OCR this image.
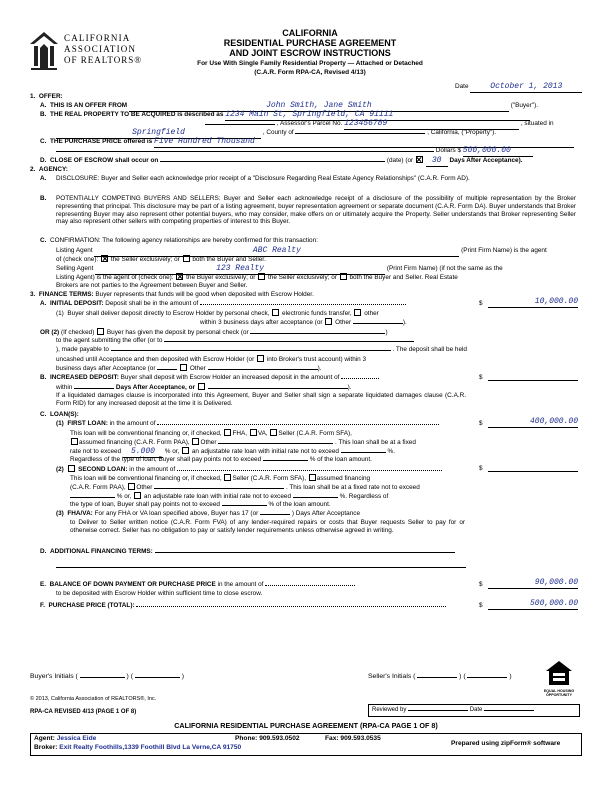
CALIFORNIA
ASSOCIATION
OF REALTORS®
CALIFORNIA
RESIDENTIAL PURCHASE AGREEMENT
AND JOINT ESCROW INSTRUCTIONS
For Use With Single Family Residential Property — Attached or Detached
(C.A.R. Form RPA-CA, Revised 4/13)
Date	October 1, 2013
1. OFFER:
A. THIS IS AN OFFER FROM	John Smith, Jane Smith	("Buyer").
B. THE REAL PROPERTY TO BE ACQUIRED is described as 1234 Main St, Springfield, CA 91111
, Assessor's Parcel No. 123456789	, situated in
Springfield	, County of	, California, ("Property").
C. THE PURCHASE PRICE offered is Five Hundred Thousand
Dollars $ 500,000.00
D. CLOSE OF ESCROW shall occur on	(date) (or 30 Days After Acceptance).
2. AGENCY:
A. DISCLOSURE: Buyer and Seller each acknowledge prior receipt of a "Disclosure Regarding Real Estate Agency Relationships" (C.A.R. Form AD).
B. POTENTIALLY COMPETING BUYERS AND SELLERS: Buyer and Seller each acknowledge receipt of a disclosure of the possibility of multiple representation by the Broker representing that principal. This disclosure may be part of a listing agreement, buyer representation agreement or separate document (C.A.R. Form DA). Buyer understands that Broker representing Buyer may also represent other potential buyers, who may consider, make offers on or ultimately acquire the Property. Seller understands that Broker representing Seller may also represent other sellers with competing properties of interest to this Buyer.
C. CONFIRMATION: The following agency relationships are hereby confirmed for this transaction:
Listing Agent	ABC Realty	(Print Firm Name) is the agent
of (check one): the Seller exclusively; or both the Buyer and Seller.
Selling Agent	123 Realty	(Print Firm Name) (if not the same as the
Listing Agent) is the agent of (check one): the Buyer exclusively; or the Seller exclusively; or both the Buyer and Seller. Real Estate
Brokers are not parties to the Agreement between Buyer and Seller.
3. FINANCE TERMS: Buyer represents that funds will be good when deposited with Escrow Holder.
A. INITIAL DEPOSIT: Deposit shall be in the amount of	$	10,000.00
(1) Buyer shall deliver deposit directly to Escrow Holder by personal check, electronic funds transfer, other
within 3 business days after acceptance (or Other	).
OR (2) (If checked) Buyer has given the deposit by personal check (or	)
to the agent submitting the offer (or to
), made payable to	. The deposit shall be held
uncashed until Acceptance and then deposited with Escrow Holder (or into Broker's trust account) within 3
business days after Acceptance (or	Other	).
B. INCREASED DEPOSIT: Buyer shall deposit with Escrow Holder an increased deposit in the amount of	$
within	Days After Acceptance, or	).
If a liquidated damages clause is incorporated into this Agreement, Buyer and Seller shall sign a separate liquidated damages clause (C.A.R. Form RID) for any increased deposit at the time it is Delivered.
C. LOAN(S):
(1) FIRST LOAN: in the amount of	$	400,000.00
This loan will be conventional financing or, if checked, FHA, VA, Seller (C.A.R. Form SFA),
assumed financing (C.A.R. Form PAA), Other	. This loan shall be at a fixed
rate not to exceed 5.000 % or, an adjustable rate loan with initial rate not to exceed	%.
Regardless of the type of loan, Buyer shall pay points not to exceed	% of the loan amount.
(2) SECOND LOAN: in the amount of	$
This loan will be conventional financing or, if checked, Seller (C.A.R. Form SFA), assumed financing
(C.A.R. Form PAA), Other	. This loan shall be at a fixed rate not to exceed
% or, an adjustable rate loan with initial rate not to exceed	%. Regardless of
the type of loan, Buyer shall pay points not to exceed	% of the loan amount.
(3) FHA/VA: For any FHA or VA loan specified above, Buyer has 17 (or	) Days After Acceptance
to Deliver to Seller written notice (C.A.R. Form FVA) of any lender-required repairs or costs that Buyer requests Seller to pay for or otherwise correct. Seller has no obligation to pay or satisfy lender requirements unless otherwise agreed in writing.
D. ADDITIONAL FINANCING TERMS:
E. BALANCE OF DOWN PAYMENT OR PURCHASE PRICE in the amount of	$	90,000.00
to be deposited with Escrow Holder within sufficient time to close escrow.
F. PURCHASE PRICE (TOTAL):	$	500,000.00
Buyer's Initials (	) (	)	Seller's Initials (	) (	)
EQUAL HOUSING OPPORTUNITY
© 2013, California Association of REALTORS®, Inc.
RPA-CA REVISED 4/13 (PAGE 1 OF 8)	Reviewed by	Date
CALIFORNIA RESIDENTIAL PURCHASE AGREEMENT (RPA-CA PAGE 1 OF 8)
Agent: Jessica Eide	Phone: 909.593.0502	Fax: 909.593.0535
Prepared using zipForm® software
Broker: Exit Realty Foothills,1339 Foothill Blvd La Verne,CA 91750
